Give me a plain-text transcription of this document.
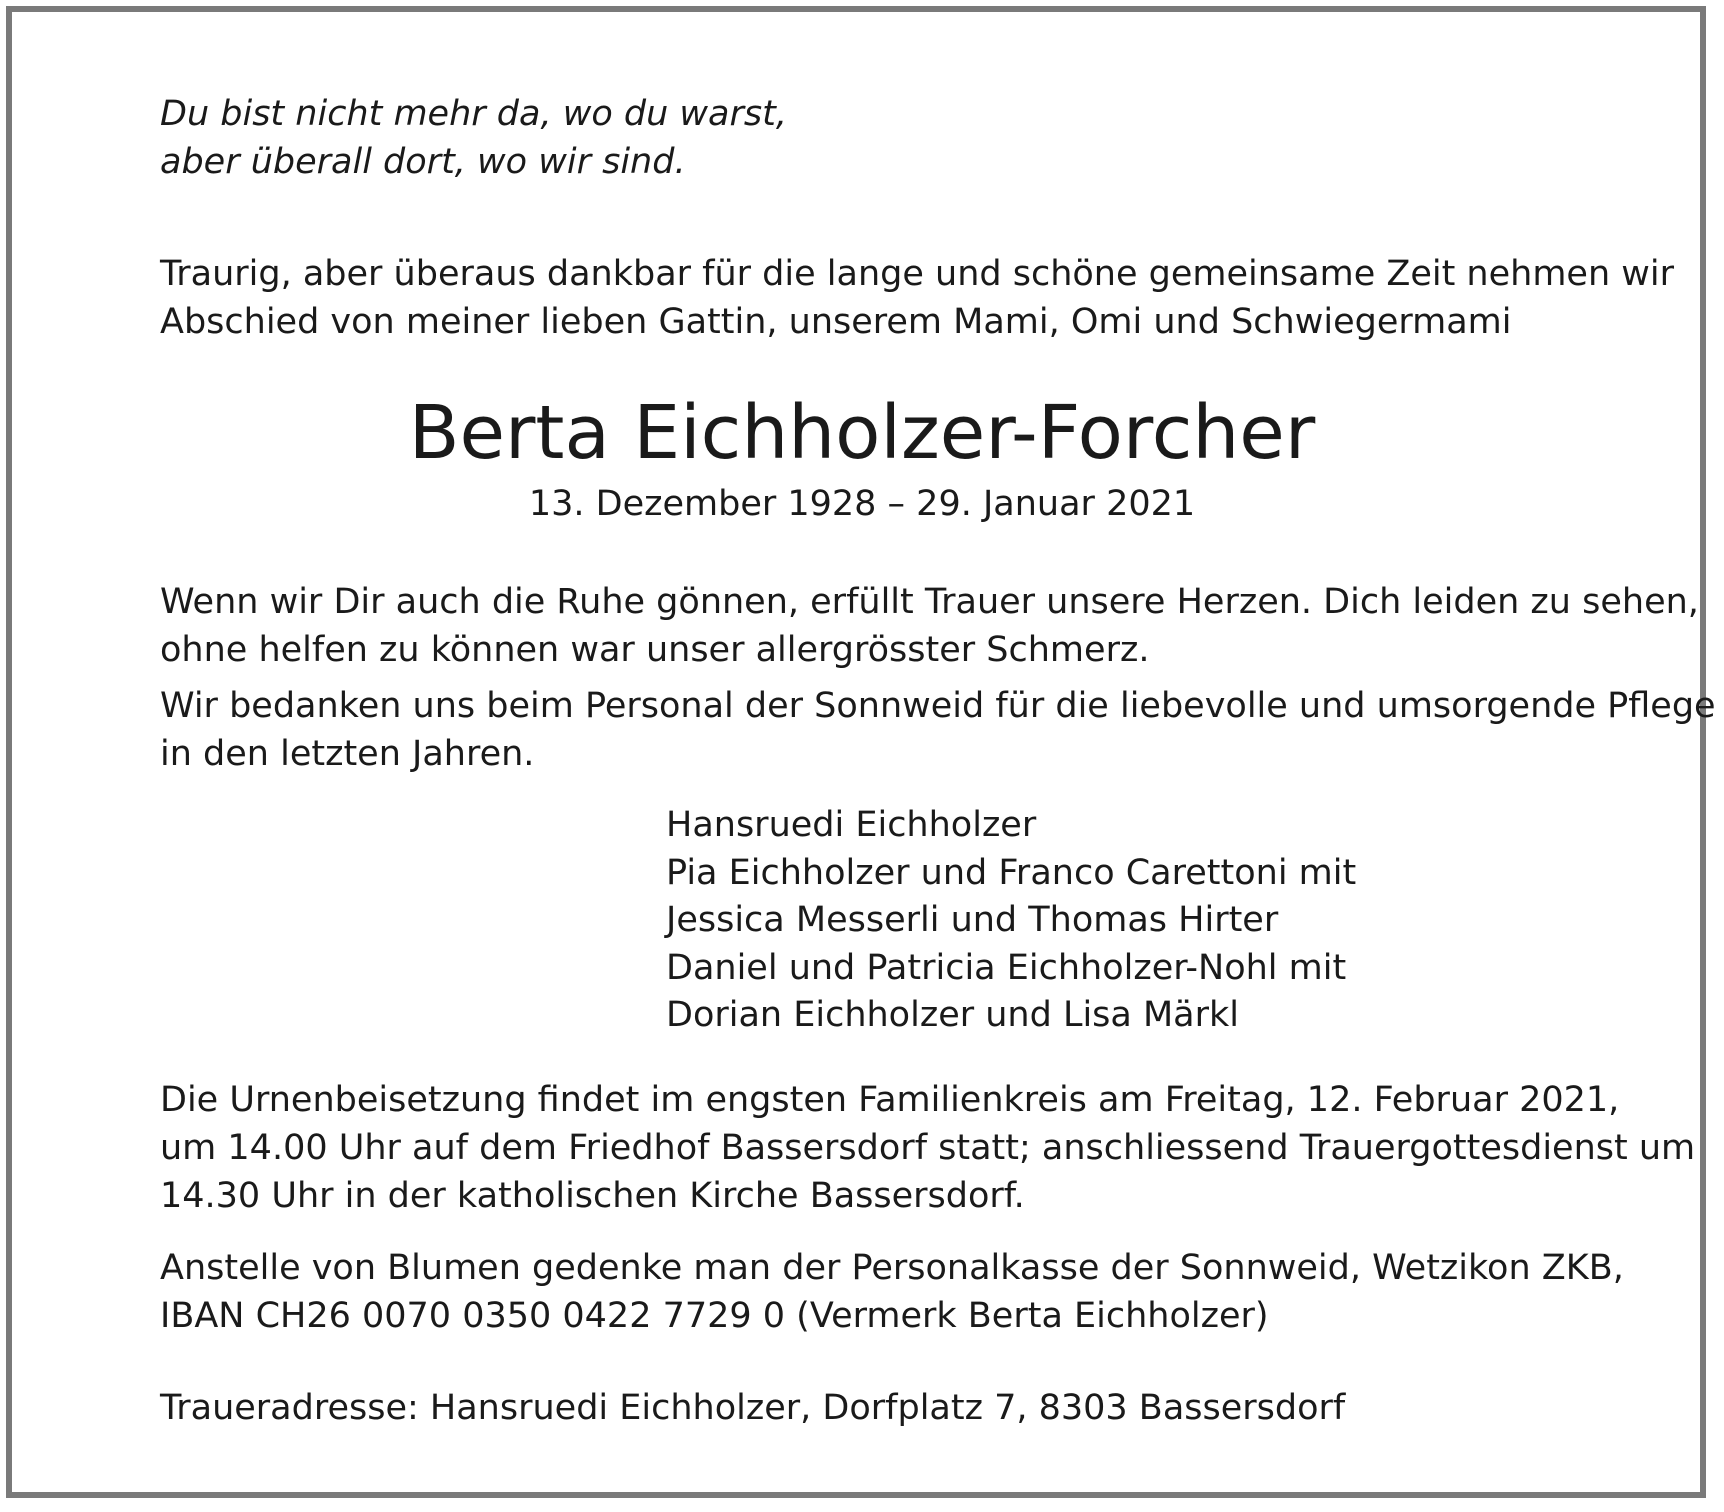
Du bist nicht mehr da, wo du warst,
aber überall dort, wo wir sind.

Traurig, aber überaus dankbar für die lange und schöne gemeinsame Zeit nehmen wir
Abschied von meiner lieben Gattin, unserem Mami, Omi und Schwiegermami

Berta Eichholzer-Forcher
13. Dezember 1928 – 29. Januar 2021

Wenn wir Dir auch die Ruhe gönnen, erfüllt Trauer unsere Herzen. Dich leiden zu sehen,
ohne helfen zu können war unser allergrösster Schmerz.

Wir bedanken uns beim Personal der Sonnweid für die liebevolle und umsorgende Pflege
in den letzten Jahren.

Hansruedi Eichholzer
Pia Eichholzer und Franco Carettoni mit
Jessica Messerli und Thomas Hirter
Daniel und Patricia Eichholzer-Nohl mit
Dorian Eichholzer und Lisa Märkl

Die Urnenbeisetzung findet im engsten Familienkreis am Freitag, 12. Februar 2021,
um 14.00 Uhr auf dem Friedhof Bassersdorf statt; anschliessend Trauergottesdienst um
14.30 Uhr in der katholischen Kirche Bassersdorf.

Anstelle von Blumen gedenke man der Personalkasse der Sonnweid, Wetzikon ZKB,
IBAN CH26 0070 0350 0422 7729 0 (Vermerk Berta Eichholzer)

Traueradresse: Hansruedi Eichholzer, Dorfplatz 7, 8303 Bassersdorf
